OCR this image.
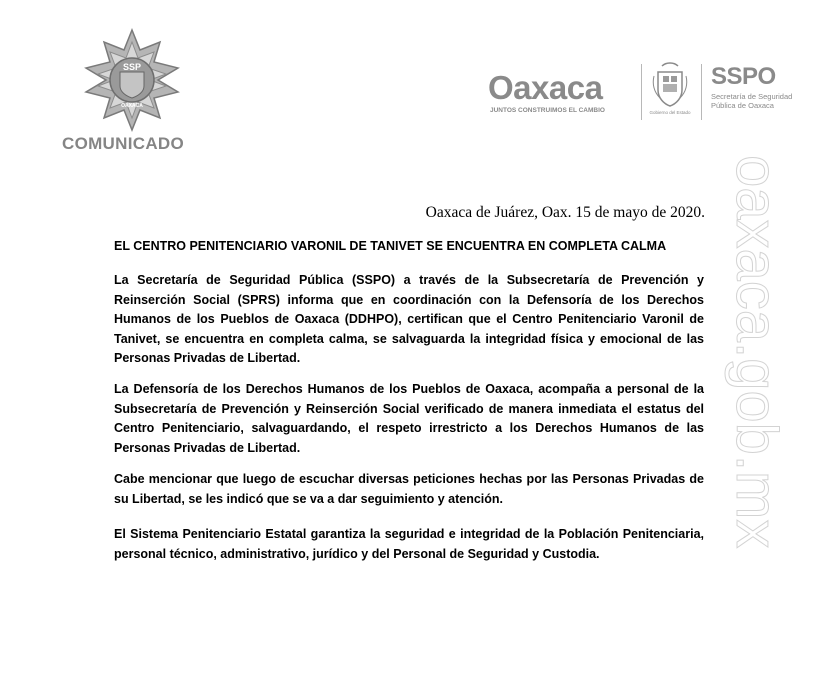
SSP
OAXACA
COMUNICADO
Oaxaca
JUNTOS CONSTRUIMOS EL CAMBIO	Gobierno del Estado
SSPO
Secretaría de Seguridad Pública de Oaxaca
oaxaca.gob.mx
Oaxaca de Juárez, Oax. 15 de mayo de 2020.
EL CENTRO PENITENCIARIO VARONIL DE TANIVET SE ENCUENTRA EN COMPLETA CALMA

La Secretaría de Seguridad Pública (SSPO) a través de la Subsecretaría de Prevención y Reinserción Social (SPRS) informa que en coordinación con la Defensoría de los Derechos Humanos de los Pueblos de Oaxaca (DDHPO), certifican que el Centro Penitenciario Varonil de Tanivet, se encuentra en completa calma, se salvaguarda la integridad física y emocional de las Personas Privadas de Libertad.

La Defensoría de los Derechos Humanos de los Pueblos de Oaxaca, acompaña a personal de la Subsecretaría de Prevención y Reinserción Social verificado de manera inmediata el estatus del Centro Penitenciario, salvaguardando, el respeto irrestricto a los Derechos Humanos de las Personas Privadas de Libertad.

Cabe mencionar que luego de escuchar diversas peticiones hechas por las Personas Privadas de su Libertad, se les indicó que se va a dar seguimiento y atención.

El Sistema Penitenciario Estatal garantiza la seguridad e integridad de la Población Penitenciaria, personal técnico, administrativo, jurídico y del Personal de Seguridad y Custodia.
